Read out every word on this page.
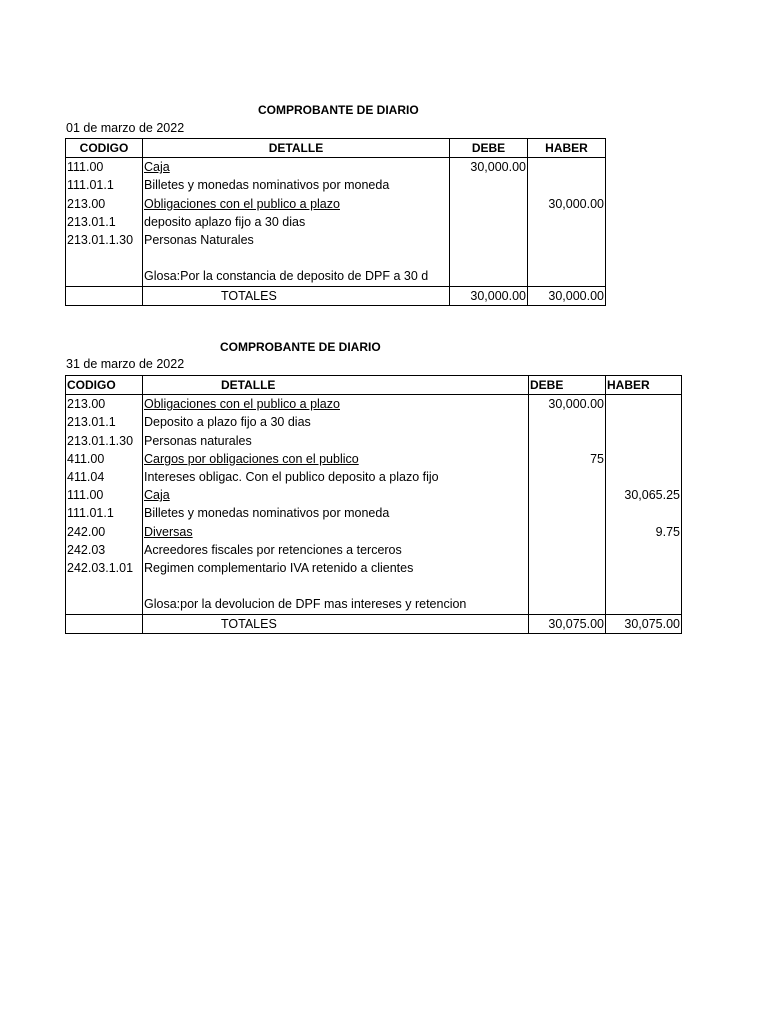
COMPROBANTE DE DIARIO
01 de marzo de 2022
CODIGO	DETALLE	DEBE	HABER
111.00	Caja	30,000.00	
111.01.1	Billetes y monedas nominativos por moneda		
213.00	Obligaciones con el publico a plazo		30,000.00
213.01.1	deposito aplazo fijo a 30 dias		
213.01.1.30	Personas Naturales		

	Glosa:Por la constancia de deposito de DPF a 30 d		
	TOTALES	30,000.00	30,000.00
COMPROBANTE DE DIARIO
31 de marzo de 2022
CODIGO	DETALLE	DEBE	HABER
213.00	Obligaciones con el publico a plazo	30,000.00	
213.01.1	Deposito a plazo fijo a 30 dias		
213.01.1.30	Personas naturales		
411.00	Cargos por obligaciones con el publico	75	
411.04	Intereses obligac. Con el publico deposito a plazo fijo		
111.00	Caja		30,065.25
111.01.1	Billetes y monedas nominativos por moneda		
242.00	Diversas		9.75
242.03	Acreedores fiscales por retenciones a terceros		
242.03.1.01	Regimen complementario IVA retenido a clientes		

	Glosa:por la devolucion de DPF mas intereses y retencion		
	TOTALES	30,075.00	30,075.00
